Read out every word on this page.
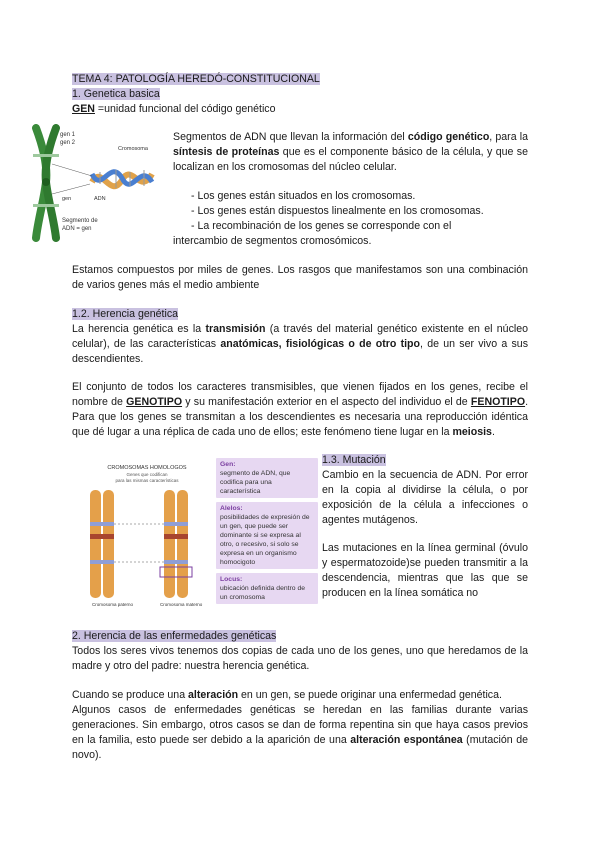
TEMA 4: PATOLOGÍA HEREDÓ-CONSTITUCIONAL
1. Genetica basica
GEN =unidad funcional del código genético
gen 1
gen 2
Cromosoma
ADN
gen
Segmento de
ADN = gen
Segmentos de ADN que llevan la información del código genético, para la síntesis de proteínas que es el componente básico de la célula, y que se localizan en los cromosomas del núcleo celular.
- Los genes están situados en los cromosomas.
- Los genes están dispuestos linealmente en los cromosomas.
- La recombinación de los genes se corresponde con el
intercambio de segmentos cromosómicos.
Estamos compuestos por miles de genes. Los rasgos que manifestamos son una combinación de varios genes más el medio ambiente
1.2. Herencia genética
La herencia genética es la transmisión (a través del material genético existente en el núcleo celular), de las características anatómicas, fisiológicas o de otro tipo, de un ser vivo a sus descendientes.
El conjunto de todos los caracteres transmisibles, que vienen fijados en los genes, recibe el nombre de GENOTIPO y su manifestación exterior en el aspecto del individuo el de FENOTIPO. Para que los genes se transmitan a los descendientes es necesaria una reproducción idéntica que dé lugar a una réplica de cada uno de ellos; este fenómeno tiene lugar en la meiosis.
CROMOSOMAS HOMOLOGOS
Genes que codifican
para las mismas características
Cromosoma paterno	Cromosoma materno
Gen:
segmento de ADN, que codifica para una característica
Alelos:
posibilidades de expresión de un gen, que puede ser dominante si se expresa al otro, o recesivo, si solo se expresa en un organismo homocigoto
Locus:
ubicación definida dentro de un cromosoma
1.3. Mutación
Cambio en la secuencia de ADN. Por error en la copia al dividirse la célula, o por exposición de la célula a infecciones o agentes mutágenos.
Las mutaciones en la línea germinal (óvulo y espermatozoide)se pueden transmitir a la descendencia, mientras que las que se producen en la línea somática no
2. Herencia de las enfermedades genéticas
Todos los seres vivos tenemos dos copias de cada uno de los genes, uno que heredamos de la madre y otro del padre: nuestra herencia genética.
Cuando se produce una alteración en un gen, se puede originar una enfermedad genética.
Algunos casos de enfermedades genéticas se heredan en las familias durante varias generaciones. Sin embargo, otros casos se dan de forma repentina sin que haya casos previos en la familia, esto puede ser debido a la aparición de una alteración espontánea (mutación de novo).
